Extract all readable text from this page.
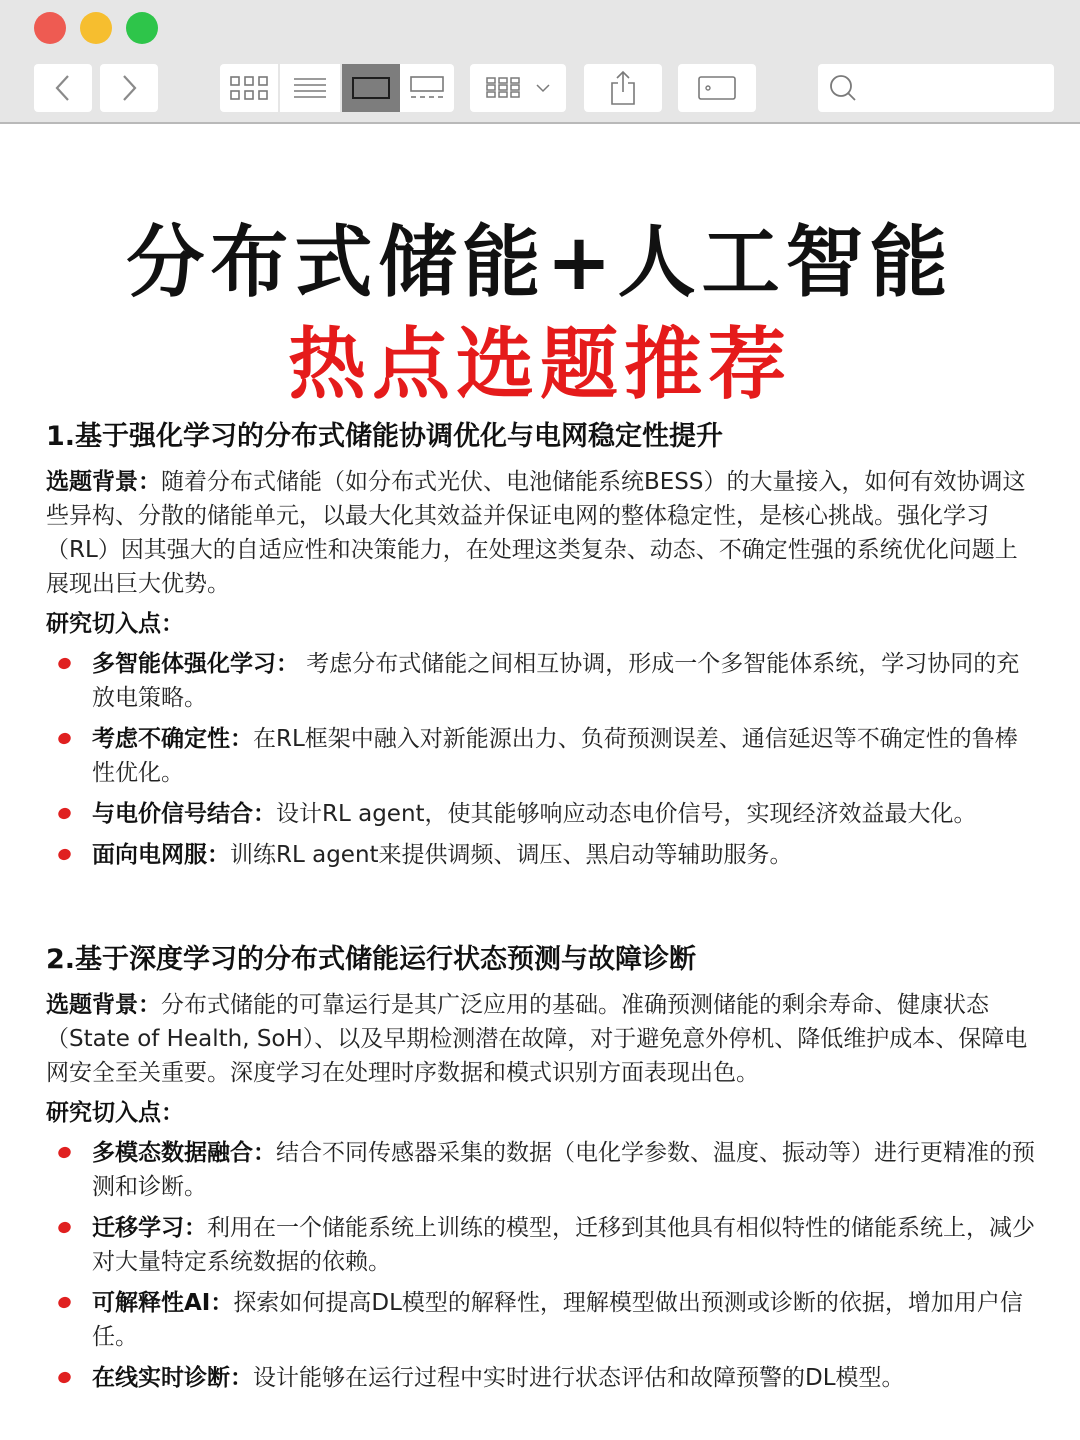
分布式储能+人工智能
热点选题推荐
1.基于强化学习的分布式储能协调优化与电网稳定性提升
选题背景：随着分布式储能（如分布式光伏、电池储能系统BESS）的大量接入，如何有效协调这些异构、分散的储能单元，以最大化其效益并保证电网的整体稳定性，是核心挑战。强化学习（RL）因其强大的自适应性和决策能力，在处理这类复杂、动态、不确定性强的系统优化问题上展现出巨大优势。
研究切入点：
多智能体强化学习： 考虑分布式储能之间相互协调，形成一个多智能体系统，学习协同的充放电策略。
考虑不确定性：在RL框架中融入对新能源出力、负荷预测误差、通信延迟等不确定性的鲁棒性优化。
与电价信号结合：设计RL agent，使其能够响应动态电价信号，实现经济效益最大化。
面向电网服：训练RL agent来提供调频、调压、黑启动等辅助服务。
2.基于深度学习的分布式储能运行状态预测与故障诊断
选题背景：分布式储能的可靠运行是其广泛应用的基础。准确预测储能的剩余寿命、健康状态（State of Health, SoH）、以及早期检测潜在故障，对于避免意外停机、降低维护成本、保障电网安全至关重要。深度学习在处理时序数据和模式识别方面表现出色。
研究切入点：
多模态数据融合：结合不同传感器采集的数据（电化学参数、温度、振动等）进行更精准的预测和诊断。
迁移学习：利用在一个储能系统上训练的模型，迁移到其他具有相似特性的储能系统上，减少对大量特定系统数据的依赖。
可解释性AI：探索如何提高DL模型的解释性，理解模型做出预测或诊断的依据，增加用户信任。
在线实时诊断：设计能够在运行过程中实时进行状态评估和故障预警的DL模型。
